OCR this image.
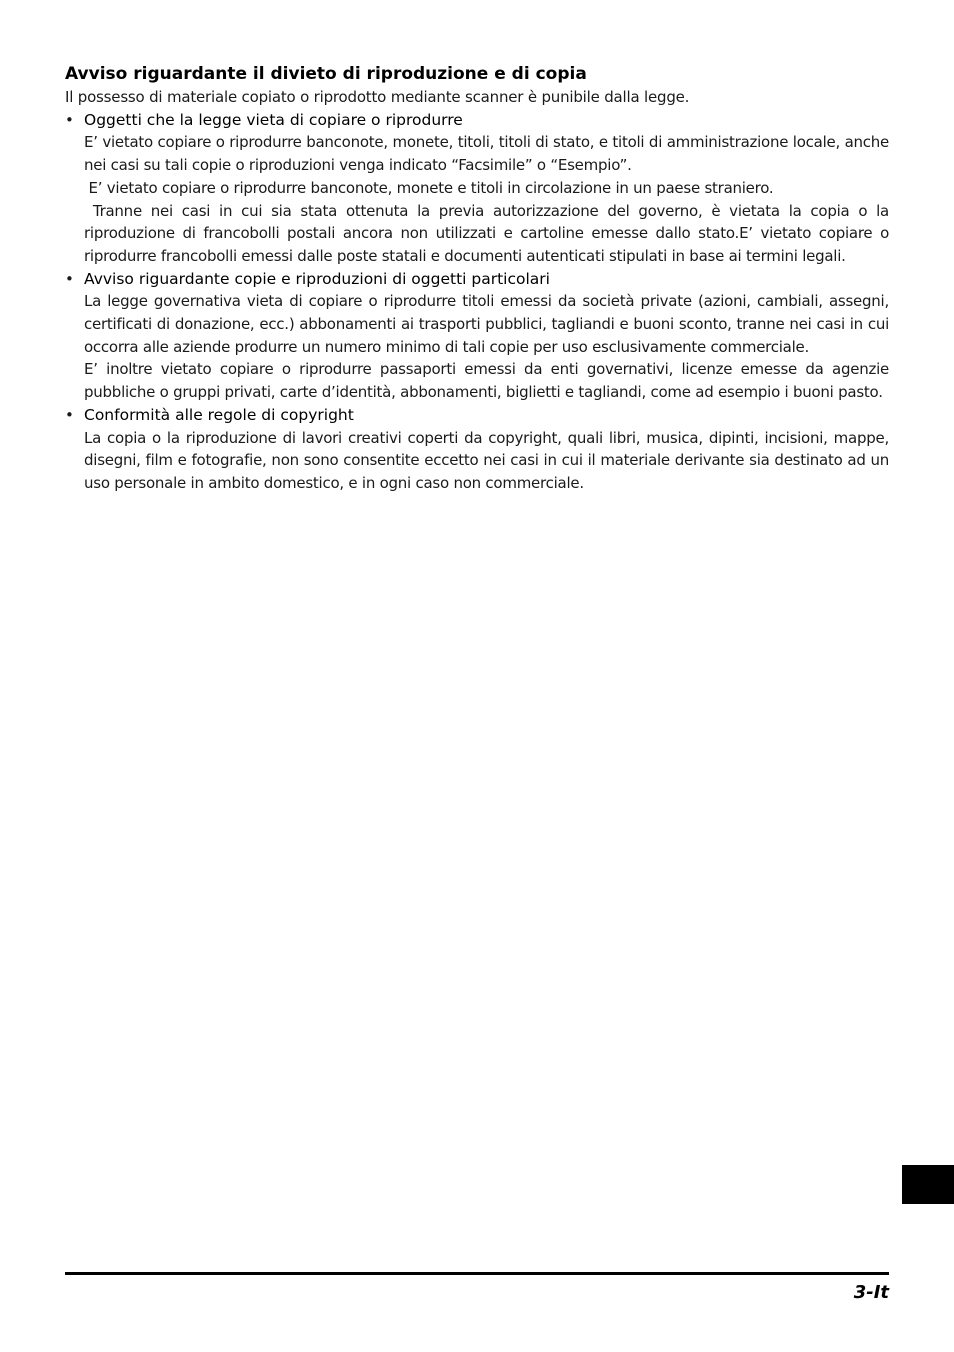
Avviso riguardante il divieto di riproduzione e di copia

Il possesso di materiale copiato o riprodotto mediante scanner è punibile dalla legge.

• Oggetti che la legge vieta di copiare o riprodurre

E’ vietato copiare o riprodurre banconote, monete, titoli, titoli di stato, e titoli di amministrazione locale, anche nei casi su tali copie o riproduzioni venga indicato “Facsimile” o “Esempio”.
E’ vietato copiare o riprodurre banconote, monete e titoli in circolazione in un paese straniero.
Tranne nei casi in cui sia stata ottenuta la previa autorizzazione del governo, è vietata la copia o la riproduzione di francobolli postali ancora non utilizzati e cartoline emesse dallo stato.E’ vietato copiare o riprodurre francobolli emessi dalle poste statali e documenti autenticati stipulati in base ai termini legali.

• Avviso riguardante copie e riproduzioni di oggetti particolari

La legge governativa vieta di copiare o riprodurre titoli emessi da società private (azioni, cambiali, assegni, certificati di donazione, ecc.) abbonamenti ai trasporti pubblici, tagliandi e buoni sconto, tranne nei casi in cui occorra alle aziende produrre un numero minimo di tali copie per uso esclusivamente commerciale.
E’ inoltre vietato copiare o riprodurre passaporti emessi da enti governativi, licenze emesse da agenzie pubbliche o gruppi privati, carte d’identità, abbonamenti, biglietti e tagliandi, come ad esempio i buoni pasto.

• Conformità alle regole di copyright

La copia o la riproduzione di lavori creativi coperti da copyright, quali libri, musica, dipinti, incisioni, mappe, disegni, film e fotografie, non sono consentite eccetto nei casi in cui il materiale derivante sia destinato ad un uso personale in ambito domestico, e in ogni caso non commerciale.

3-It
